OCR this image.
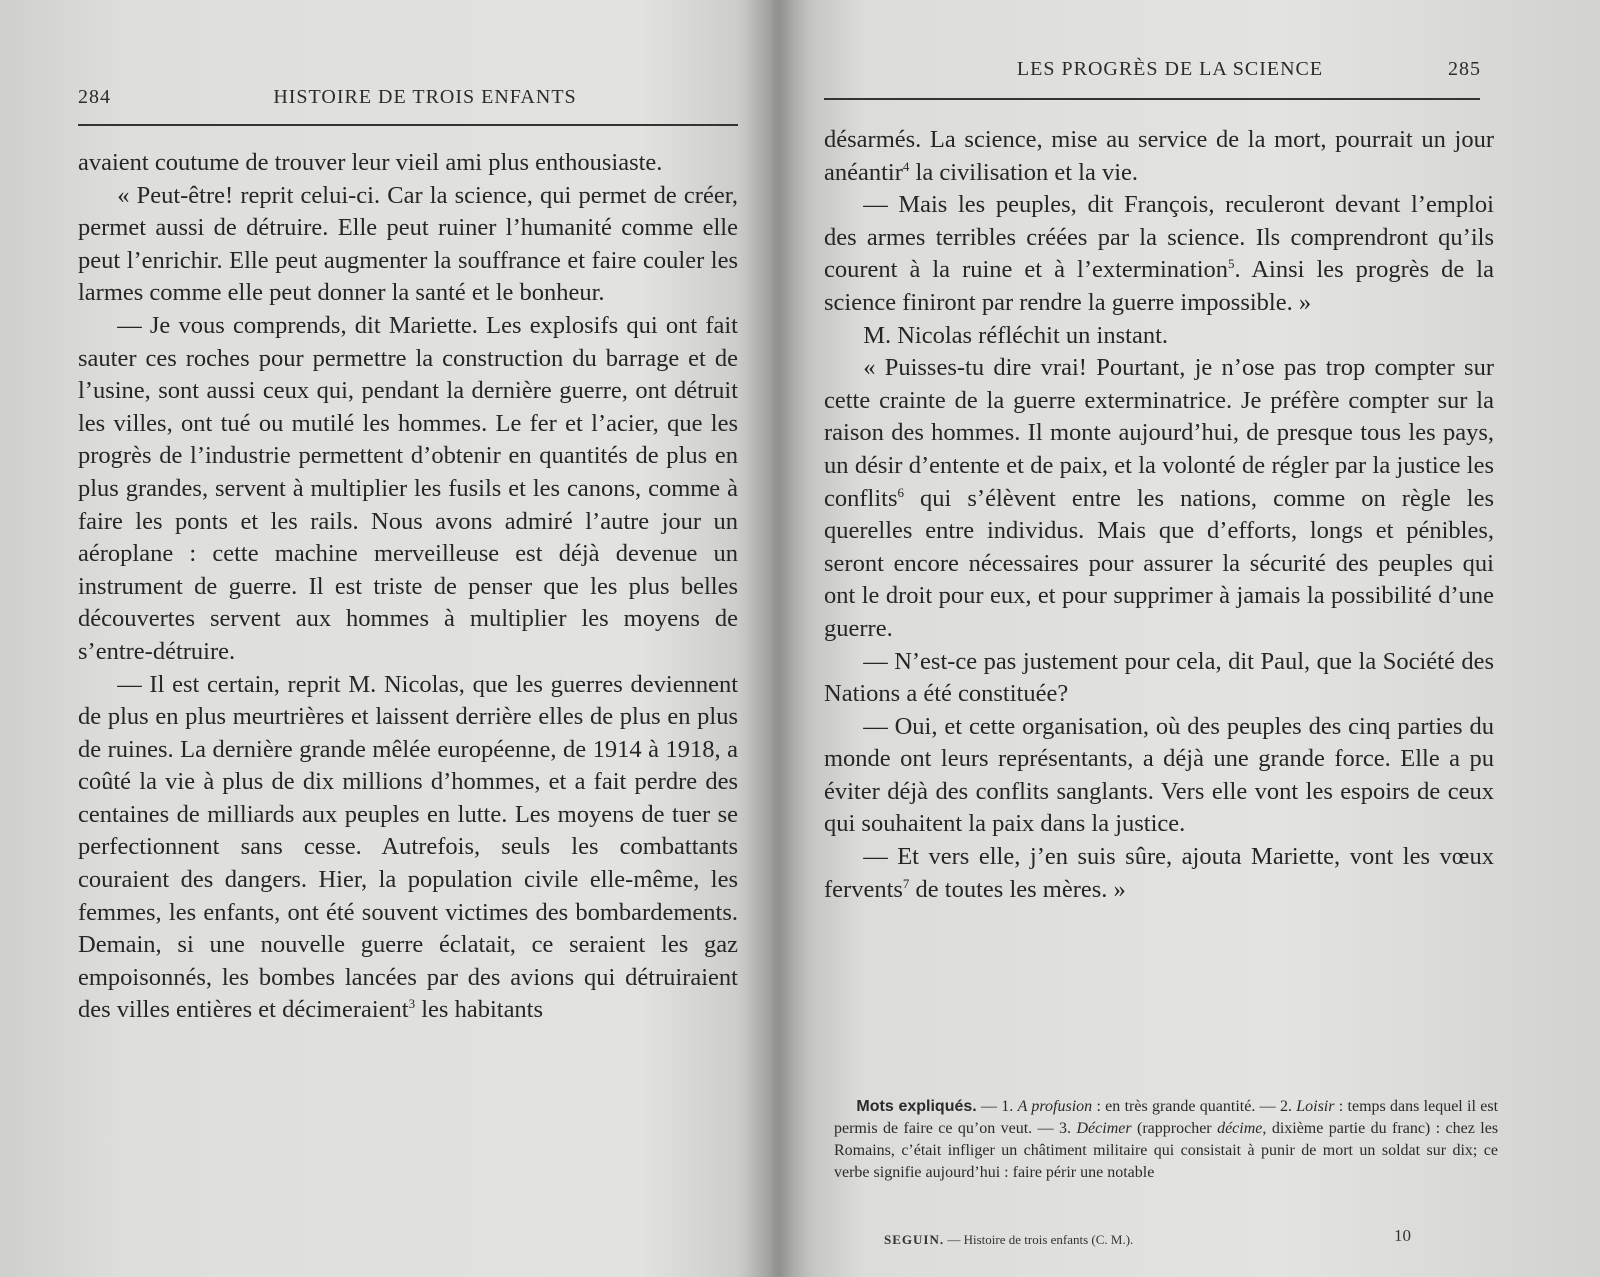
284	HISTOIRE DE TROIS ENFANTS

avaient coutume de trouver leur vieil ami plus enthousiaste.

« Peut-être! reprit celui-ci. Car la science, qui permet de créer, permet aussi de détruire. Elle peut ruiner l’humanité comme elle peut l’enrichir. Elle peut augmenter la souffrance et faire couler les larmes comme elle peut donner la santé et le bonheur.

— Je vous comprends, dit Mariette. Les explosifs qui ont fait sauter ces roches pour permettre la construction du barrage et de l’usine, sont aussi ceux qui, pendant la dernière guerre, ont détruit les villes, ont tué ou mutilé les hommes. Le fer et l’acier, que les progrès de l’industrie permettent d’obtenir en quantités de plus en plus grandes, servent à multiplier les fusils et les canons, comme à faire les ponts et les rails. Nous avons admiré l’autre jour un aéroplane : cette machine merveilleuse est déjà devenue un instrument de guerre. Il est triste de penser que les plus belles découvertes servent aux hommes à multiplier les moyens de s’entre-détruire.

— Il est certain, reprit M. Nicolas, que les guerres deviennent de plus en plus meurtrières et laissent derrière elles de plus en plus de ruines. La dernière grande mêlée européenne, de 1914 à 1918, a coûté la vie à plus de dix millions d’hommes, et a fait perdre des centaines de milliards aux peuples en lutte. Les moyens de tuer se perfectionnent sans cesse. Autrefois, seuls les combattants couraient des dangers. Hier, la population civile elle-même, les femmes, les enfants, ont été souvent victimes des bombardements. Demain, si une nouvelle guerre éclatait, ce seraient les gaz empoisonnés, les bombes lancées par des avions qui détruiraient des villes entières et décimeraient$^3$ les habitants

LES PROGRÈS DE LA SCIENCE	285

désarmés. La science, mise au service de la mort, pourrait un jour anéantir$^4$ la civilisation et la vie.

— Mais les peuples, dit François, reculeront devant l’emploi des armes terribles créées par la science. Ils comprendront qu’ils courent à la ruine et à l’extermination$^5$. Ainsi les progrès de la science finiront par rendre la guerre impossible. »

M. Nicolas réfléchit un instant.

« Puisses-tu dire vrai! Pourtant, je n’ose pas trop compter sur cette crainte de la guerre exterminatrice. Je préfère compter sur la raison des hommes. Il monte aujourd’hui, de presque tous les pays, un désir d’entente et de paix, et la volonté de régler par la justice les conflits$^6$ qui s’élèvent entre les nations, comme on règle les querelles entre individus. Mais que d’efforts, longs et pénibles, seront encore nécessaires pour assurer la sécurité des peuples qui ont le droit pour eux, et pour supprimer à jamais la possibilité d’une guerre.

— N’est-ce pas justement pour cela, dit Paul, que la Société des Nations a été constituée?

— Oui, et cette organisation, où des peuples des cinq parties du monde ont leurs représentants, a déjà une grande force. Elle a pu éviter déjà des conflits sanglants. Vers elle vont les espoirs de ceux qui souhaitent la paix dans la justice.

— Et vers elle, j’en suis sûre, ajouta Mariette, vont les vœux fervents$^7$ de toutes les mères. »

Mots expliqués. — 1. A profusion : en très grande quantité. — 2. Loisir : temps dans lequel il est permis de faire ce qu’on veut. — 3. Décimer (rapprocher décime, dixième partie du franc) : chez les Romains, c’était infliger un châtiment militaire qui consistait à punir de mort un soldat sur dix; ce verbe signifie aujourd’hui : faire périr une notable

SEGUIN. — Histoire de trois enfants (C. M.).	10
